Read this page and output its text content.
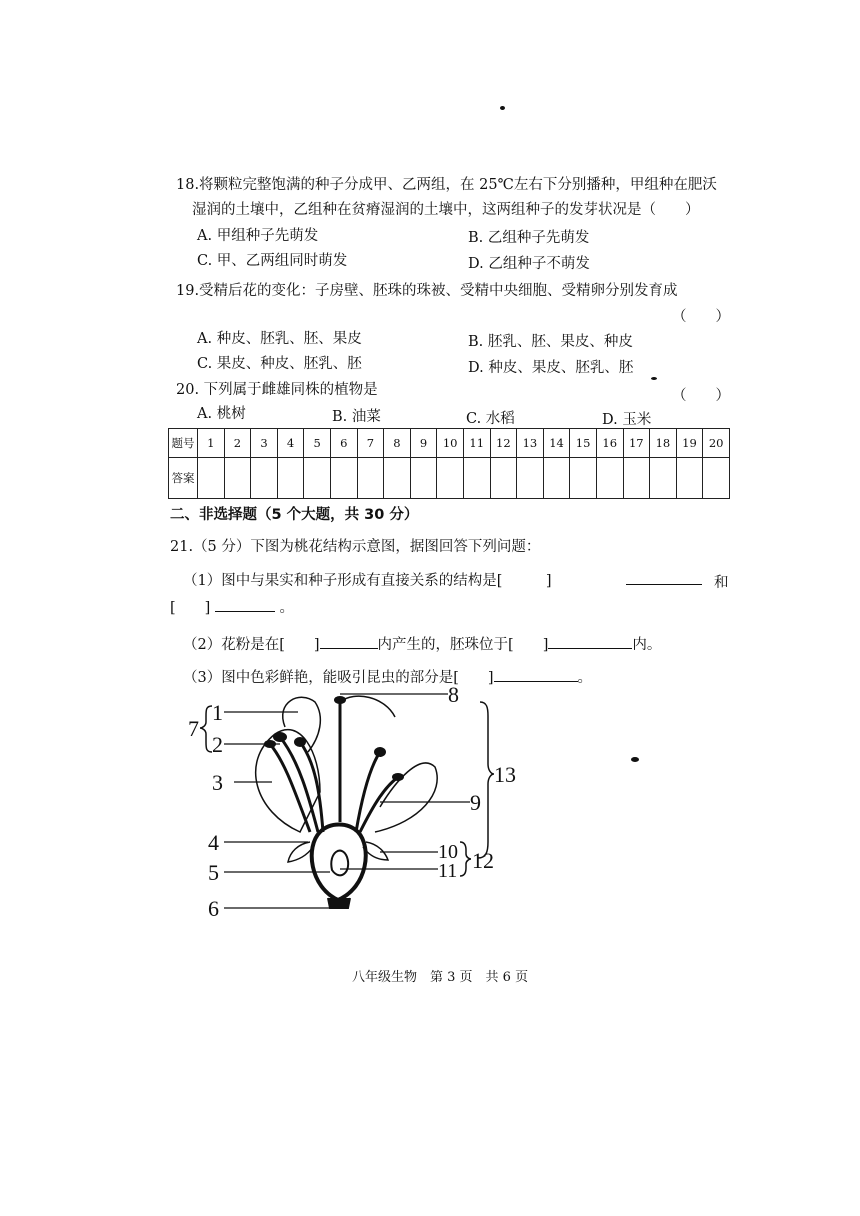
18.将颗粒完整饱满的种子分成甲、乙两组，在 25℃左右下分别播种，甲组种在肥沃
湿润的土壤中，乙组种在贫瘠湿润的土壤中，这两组种子的发芽状况是（　　）
A. 甲组种子先萌发	B. 乙组种子先萌发
C. 甲、乙两组同时萌发	D. 乙组种子不萌发
19.受精后花的变化：子房壁、胚珠的珠被、受精中央细胞、受精卵分别发育成
（　　）
A. 种皮、胚乳、胚、果皮	B. 胚乳、胚、果皮、种皮
C. 果皮、种皮、胚乳、胚	D. 种皮、果皮、胚乳、胚
20. 下列属于雌雄同株的植物是	（　　）
A. 桃树	B. 油菜	C. 水稻	D. 玉米
题号	1	2	3	4	5	6	7	8	9	10	11	12	13	14	15	16	17	18	19	20
答案																				
二、非选择题（5 个大题，共 30 分）
21.（5 分）下图为桃花结构示意图，据图回答下列问题：
（1）图中与果实和种子形成有直接关系的结构是[　　　]	和
[　　]	。
（2）花粉是在[　　]	内产生的，胚珠位于[　　]	内。
（3）图中色彩鲜艳，能吸引昆虫的部分是[　　]	。
1
2
3
4
5
6
7
8
9
10
11 12
13
八年级生物　第 3 页　共 6 页
